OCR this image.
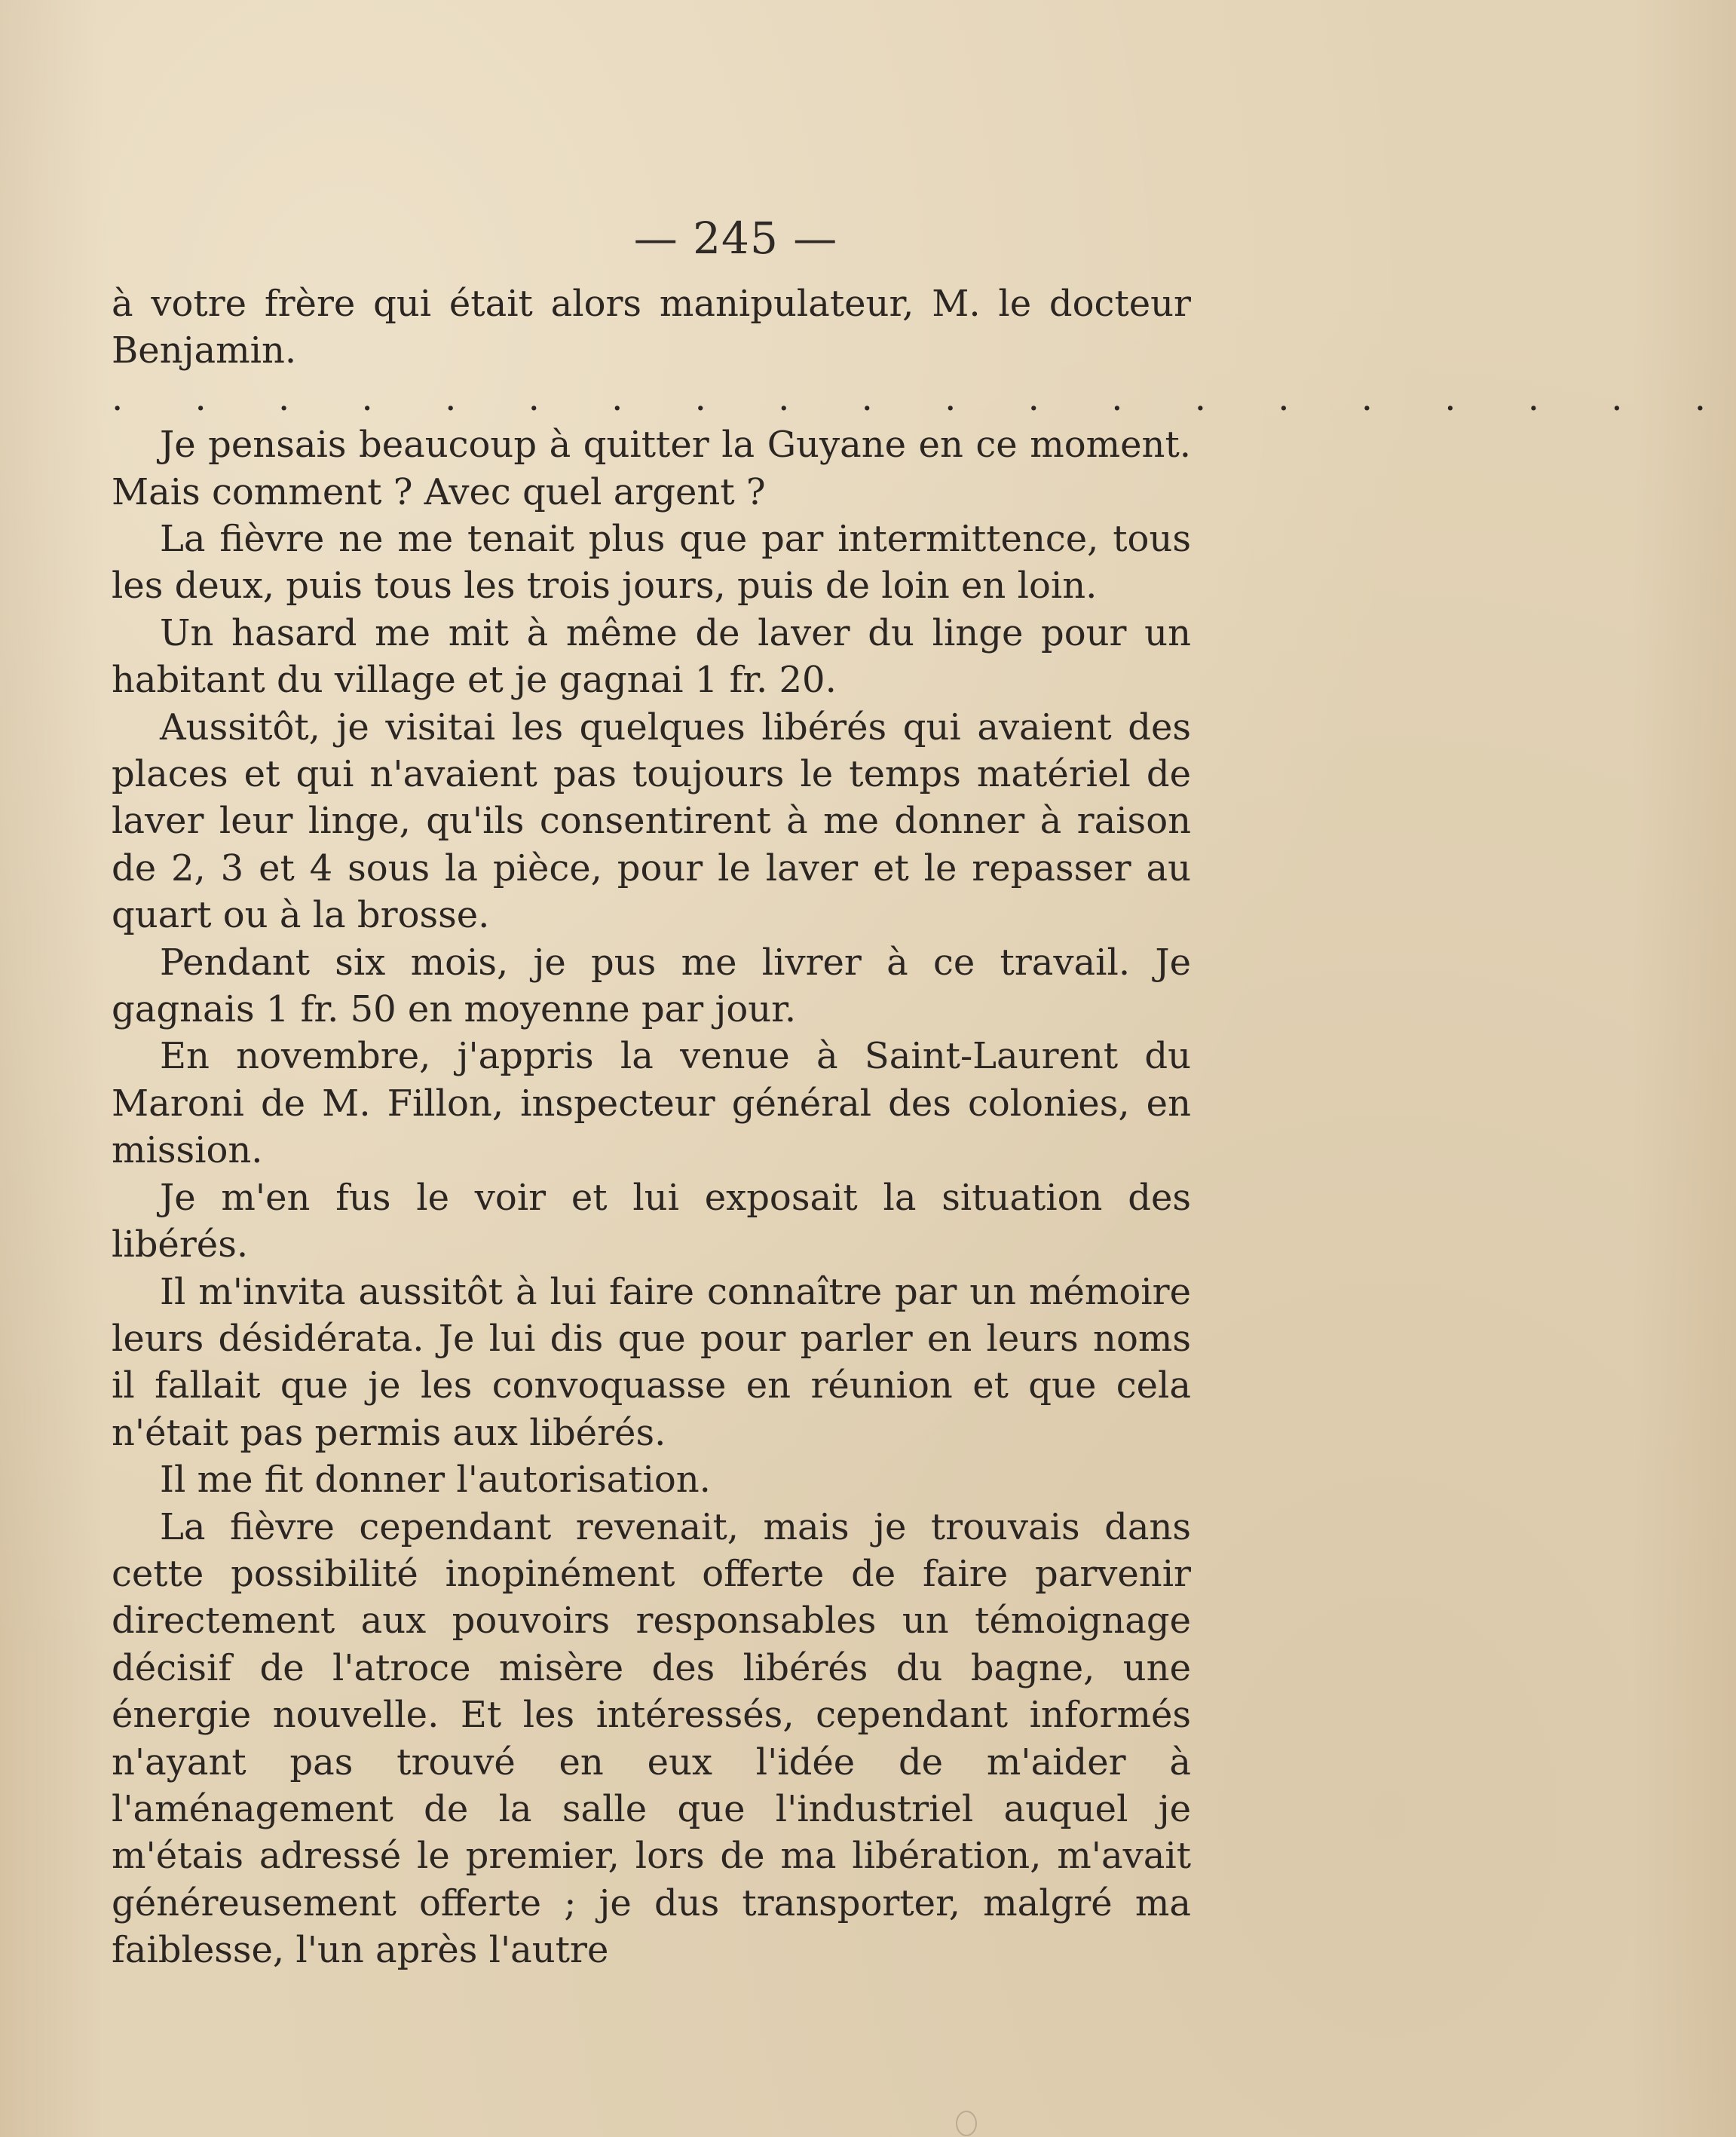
— 245 —

à votre frère qui était alors manipulateur, M. le docteur Benjamin.

. . . . . . . . . . . . . . . . . . . .

Je pensais beaucoup à quitter la Guyane en ce moment. Mais comment ? Avec quel argent ?

La fièvre ne me tenait plus que par intermittence, tous les deux, puis tous les trois jours, puis de loin en loin.

Un hasard me mit à même de laver du linge pour un habitant du village et je gagnai 1 fr. 20.

Aussitôt, je visitai les quelques libérés qui avaient des places et qui n'avaient pas toujours le temps matériel de laver leur linge, qu'ils consentirent à me donner à raison de 2, 3 et 4 sous la pièce, pour le laver et le repasser au quart ou à la brosse.

Pendant six mois, je pus me livrer à ce travail. Je gagnais 1 fr. 50 en moyenne par jour.

En novembre, j'appris la venue à Saint-Laurent du Maroni de M. Fillon, inspecteur général des colonies, en mission.

Je m'en fus le voir et lui exposait la situation des libérés.

Il m'invita aussitôt à lui faire connaître par un mémoire leurs désidérata. Je lui dis que pour parler en leurs noms il fallait que je les convoquasse en réunion et que cela n'était pas permis aux libérés.

Il me fit donner l'autorisation.

La fièvre cependant revenait, mais je trouvais dans cette possibilité inopinément offerte de faire parvenir directement aux pouvoirs responsables un témoignage décisif de l'atroce misère des libérés du bagne, une énergie nouvelle. Et les intéressés, cependant informés n'ayant pas trouvé en eux l'idée de m'aider à l'aménagement de la salle que l'industriel auquel je m'étais adressé le premier, lors de ma libération, m'avait généreusement offerte ; je dus transporter, malgré ma faiblesse, l'un après l'autre
